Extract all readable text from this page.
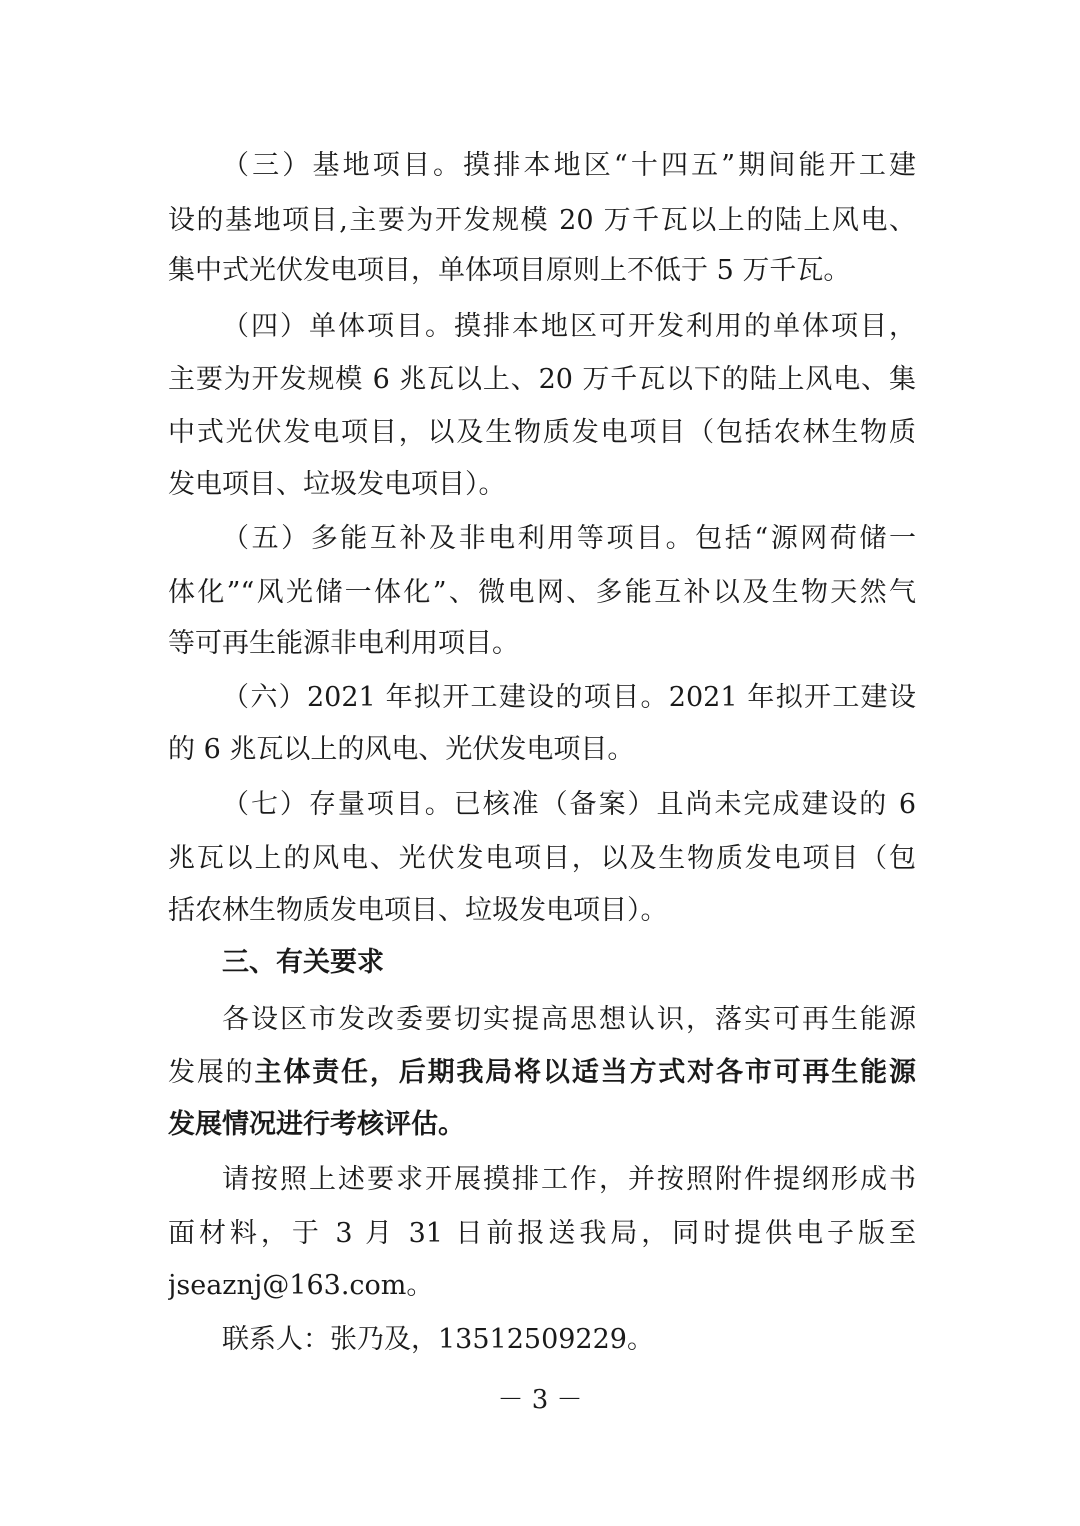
（三）基地项目。摸排本地区“十四五”期间能开工建
设的基地项目,主要为开发规模 20 万千瓦以上的陆上风电、
集中式光伏发电项目，单体项目原则上不低于 5 万千瓦。
（四）单体项目。摸排本地区可开发利用的单体项目，
主要为开发规模 6 兆瓦以上、20 万千瓦以下的陆上风电、集
中式光伏发电项目，以及生物质发电项目（包括农林生物质
发电项目、垃圾发电项目）。
（五）多能互补及非电利用等项目。包括“源网荷储一
体化”“风光储一体化”、微电网、多能互补以及生物天然气
等可再生能源非电利用项目。
（六）2021 年拟开工建设的项目。2021 年拟开工建设
的 6 兆瓦以上的风电、光伏发电项目。
（七）存量项目。已核准（备案）且尚未完成建设的 6
兆瓦以上的风电、光伏发电项目，以及生物质发电项目（包
括农林生物质发电项目、垃圾发电项目）。
三、有关要求
各设区市发改委要切实提高思想认识，落实可再生能源
发展的主体责任，后期我局将以适当方式对各市可再生能源
发展情况进行考核评估。
请按照上述要求开展摸排工作，并按照附件提纲形成书
面材料，于 3 月 31 日前报送我局，同时提供电子版至
jseaznj@163.com。
联系人：张乃及，13512509229。
－ 3 －
